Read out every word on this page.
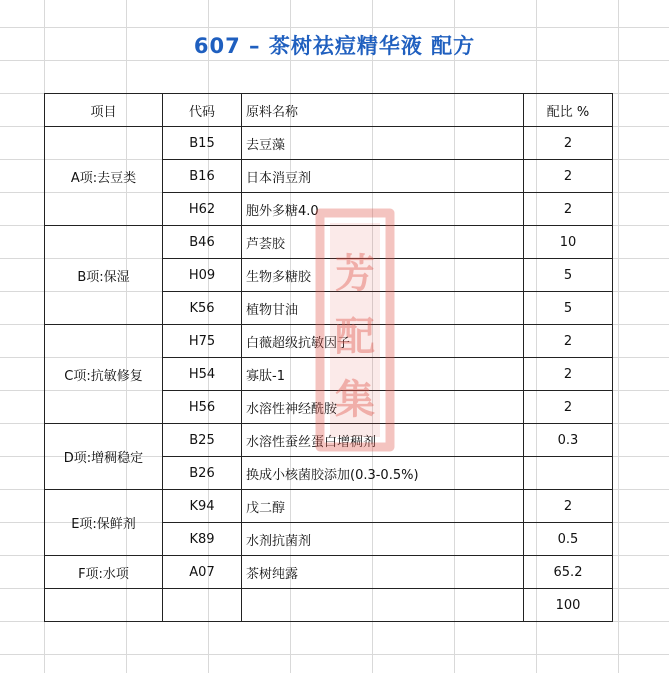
607 – 茶树祛痘精华液 配方
项目	代码	原料名称	配比 %
A项:去豆类	B15	去豆藻	2
	B16	日本消豆剂	2
	H62	胞外多糖4.0	2
B项:保湿	B46	芦荟胶	10
	H09	生物多糖胶	5
	K56	植物甘油	5
C项:抗敏修复	H75	白薇超级抗敏因子	2
	H54	寡肽-1	2
	H56	水溶性神经酰胺	2
D项:增稠稳定	B25	水溶性蚕丝蛋白增稠剂	0.3
	B26	换成小核菌胶添加(0.3-0.5%)	
E项:保鲜剂	K94	戊二醇	2
	K89	水剂抗菌剂	0.5
F项:水项	A07	茶树纯露	65.2
			100
芳
配
集
